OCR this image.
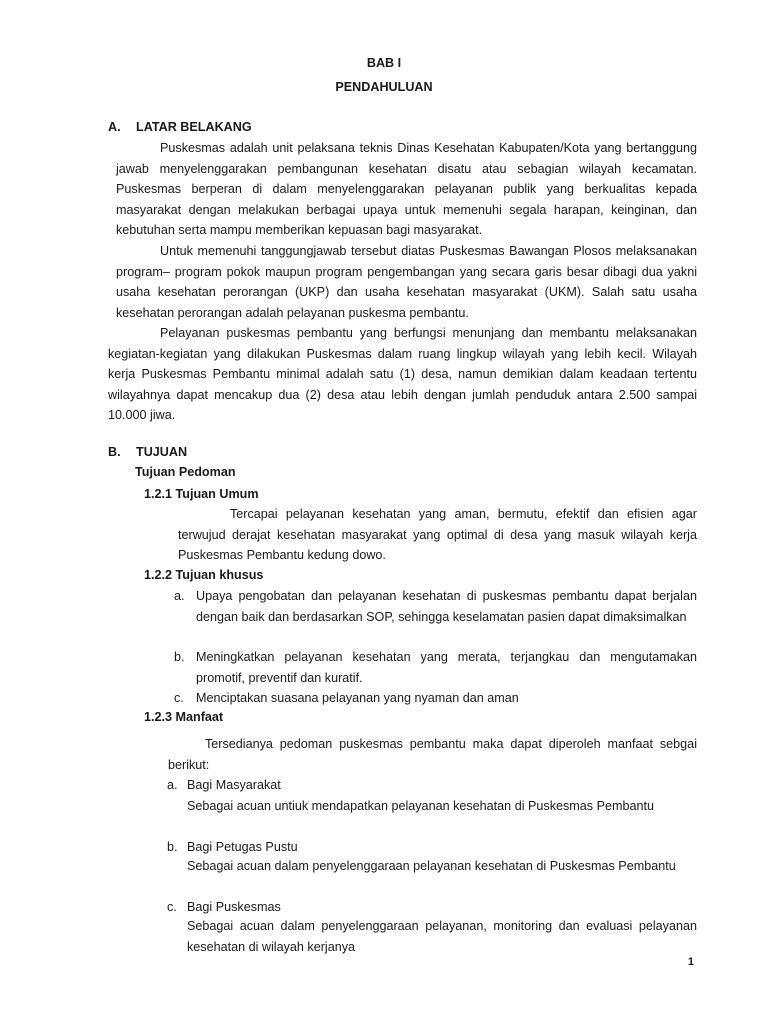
BAB I
PENDAHULUAN
A. LATAR BELAKANG
Puskesmas adalah unit pelaksana teknis Dinas Kesehatan Kabupaten/Kota yang bertanggung jawab menyelenggarakan pembangunan kesehatan disatu atau sebagian wilayah kecamatan. Puskesmas berperan di dalam menyelenggarakan pelayanan publik yang berkualitas kepada masyarakat dengan melakukan berbagai upaya untuk memenuhi segala harapan, keinginan, dan kebutuhan serta mampu memberikan kepuasan bagi masyarakat.
Untuk memenuhi tanggungjawab tersebut diatas Puskesmas Bawangan Plosos melaksanakan program– program pokok maupun program pengembangan yang secara garis besar dibagi dua yakni usaha kesehatan perorangan (UKP) dan usaha kesehatan masyarakat (UKM). Salah satu usaha kesehatan perorangan adalah pelayanan puskesma pembantu.
Pelayanan puskesmas pembantu yang berfungsi menunjang dan membantu melaksanakan kegiatan-kegiatan yang dilakukan Puskesmas dalam ruang lingkup wilayah yang lebih kecil. Wilayah kerja Puskesmas Pembantu minimal adalah satu (1) desa, namun demikian dalam keadaan tertentu wilayahnya dapat mencakup dua (2) desa atau lebih dengan jumlah penduduk antara 2.500 sampai 10.000 jiwa.
B. TUJUAN
Tujuan Pedoman
1.2.1 Tujuan Umum
Tercapai pelayanan kesehatan yang aman, bermutu, efektif dan efisien agar terwujud derajat kesehatan masyarakat yang optimal di desa yang masuk wilayah kerja Puskesmas Pembantu kedung dowo.
1.2.2 Tujuan khusus
a. Upaya pengobatan dan pelayanan kesehatan di puskesmas pembantu dapat berjalan dengan baik dan berdasarkan SOP, sehingga keselamatan pasien dapat dimaksimalkan
b. Meningkatkan pelayanan kesehatan yang merata, terjangkau dan mengutamakan promotif, preventif dan kuratif.
c. Menciptakan suasana pelayanan yang nyaman dan aman
1.2.3 Manfaat
Tersedianya pedoman puskesmas pembantu maka dapat diperoleh manfaat sebgai berikut:
a. Bagi Masyarakat
Sebagai acuan untiuk mendapatkan pelayanan kesehatan di Puskesmas Pembantu
b. Bagi Petugas Pustu
Sebagai acuan dalam penyelenggaraan pelayanan kesehatan di Puskesmas Pembantu
c. Bagi Puskesmas
Sebagai acuan dalam penyelenggaraan pelayanan, monitoring dan evaluasi pelayanan kesehatan di wilayah kerjanya
1
